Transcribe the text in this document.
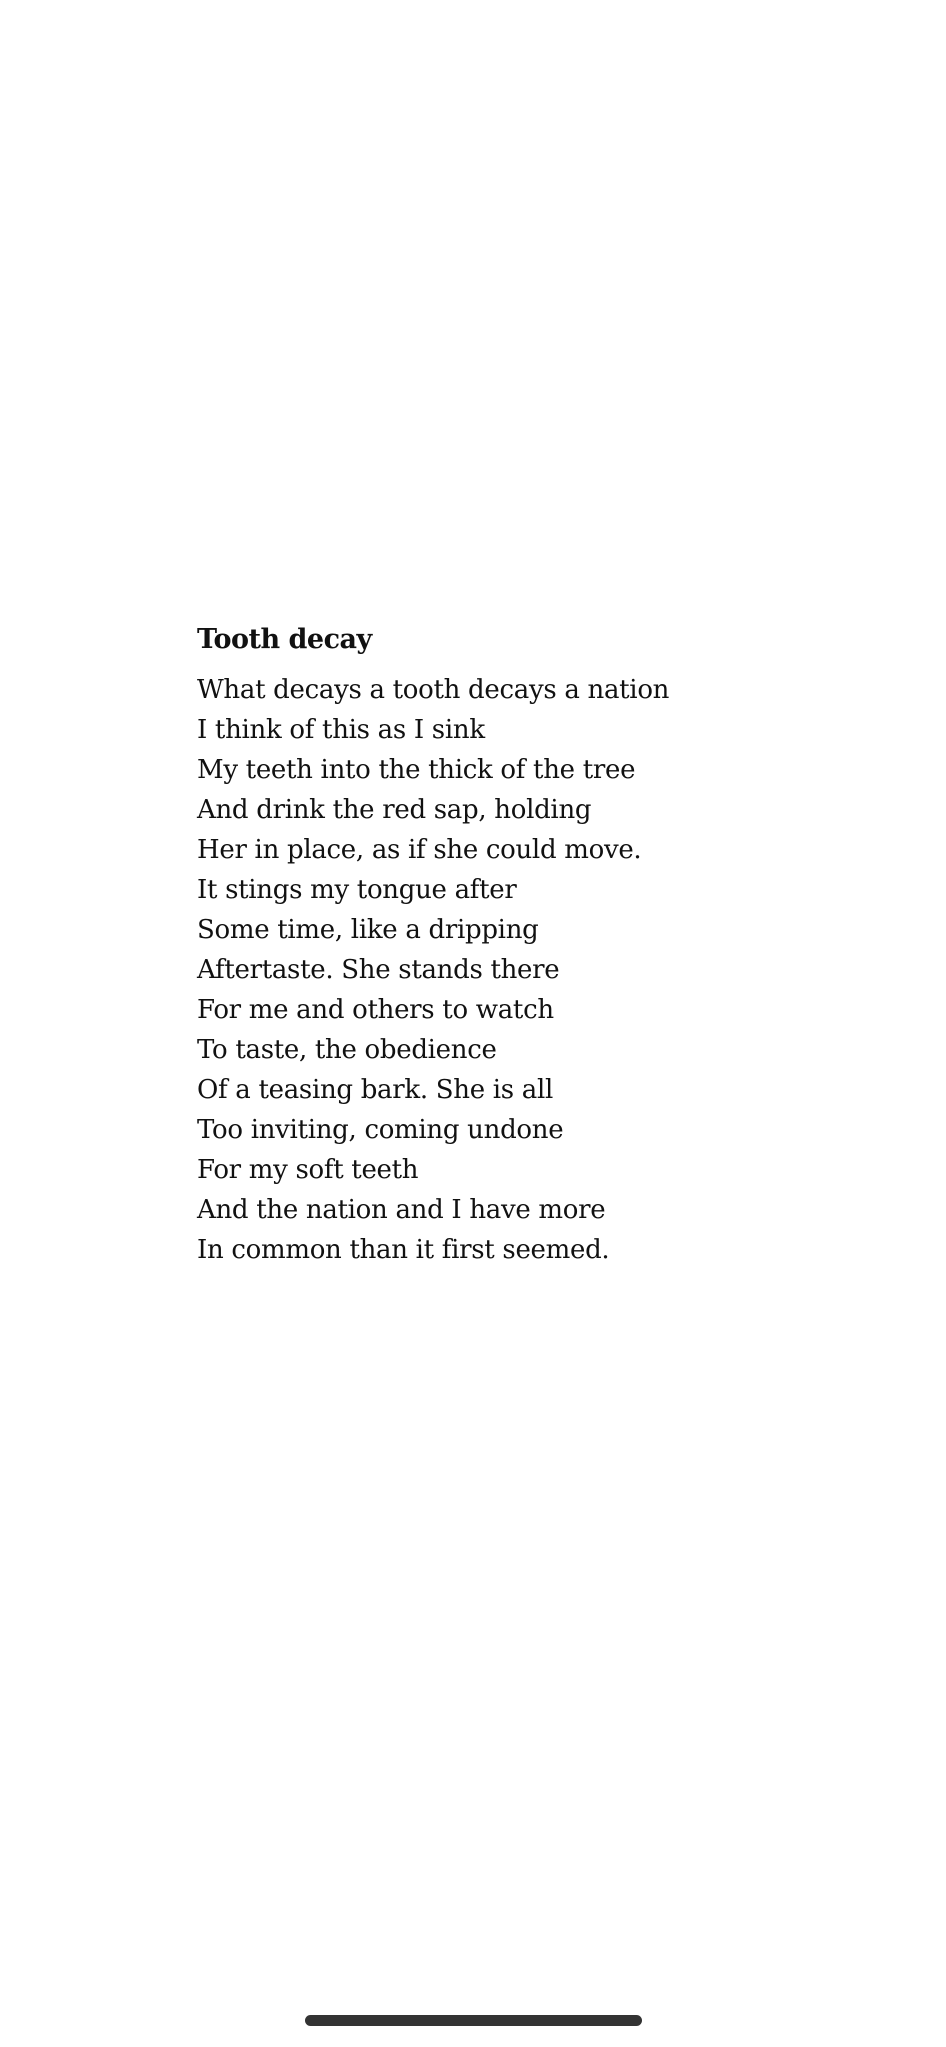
Tooth decay
What decays a tooth decays a nation
I think of this as I sink
My teeth into the thick of the tree
And drink the red sap, holding
Her in place, as if she could move.
It stings my tongue after
Some time, like a dripping
Aftertaste. She stands there
For me and others to watch
To taste, the obedience
Of a teasing bark. She is all
Too inviting, coming undone
For my soft teeth
And the nation and I have more
In common than it first seemed.
